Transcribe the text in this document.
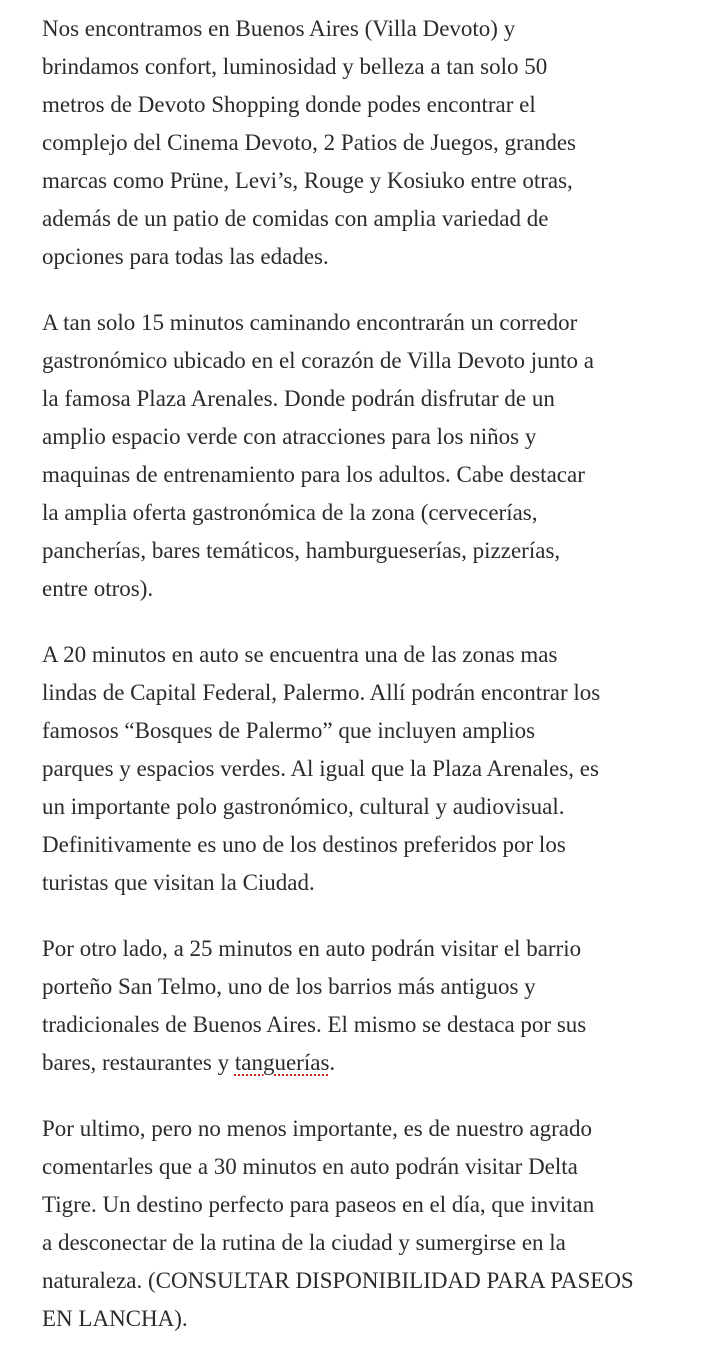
Nos encontramos en Buenos Aires (Villa Devoto) y
brindamos confort, luminosidad y belleza a tan solo 50
metros de Devoto Shopping donde podes encontrar el
complejo del Cinema Devoto, 2 Patios de Juegos, grandes
marcas como Prüne, Levi’s, Rouge y Kosiuko entre otras,
además de un patio de comidas con amplia variedad de
opciones para todas las edades.

A tan solo 15 minutos caminando encontrarán un corredor
gastronómico ubicado en el corazón de Villa Devoto junto a
la famosa Plaza Arenales. Donde podrán disfrutar de un
amplio espacio verde con atracciones para los niños y
maquinas de entrenamiento para los adultos. Cabe destacar
la amplia oferta gastronómica de la zona (cervecerías,
pancherías, bares temáticos, hamburgueserías, pizzerías,
entre otros).

A 20 minutos en auto se encuentra una de las zonas mas
lindas de Capital Federal, Palermo. Allí podrán encontrar los
famosos “Bosques de Palermo” que incluyen amplios
parques y espacios verdes. Al igual que la Plaza Arenales, es
un importante polo gastronómico, cultural y audiovisual.
Definitivamente es uno de los destinos preferidos por los
turistas que visitan la Ciudad.

Por otro lado, a 25 minutos en auto podrán visitar el barrio
porteño San Telmo, uno de los barrios más antiguos y
tradicionales de Buenos Aires. El mismo se destaca por sus
bares, restaurantes y tanguerías.

Por ultimo, pero no menos importante, es de nuestro agrado
comentarles que a 30 minutos en auto podrán visitar Delta
Tigre. Un destino perfecto para paseos en el día, que invitan
a desconectar de la rutina de la ciudad y sumergirse en la
naturaleza. (CONSULTAR DISPONIBILIDAD PARA PASEOS
EN LANCHA).
